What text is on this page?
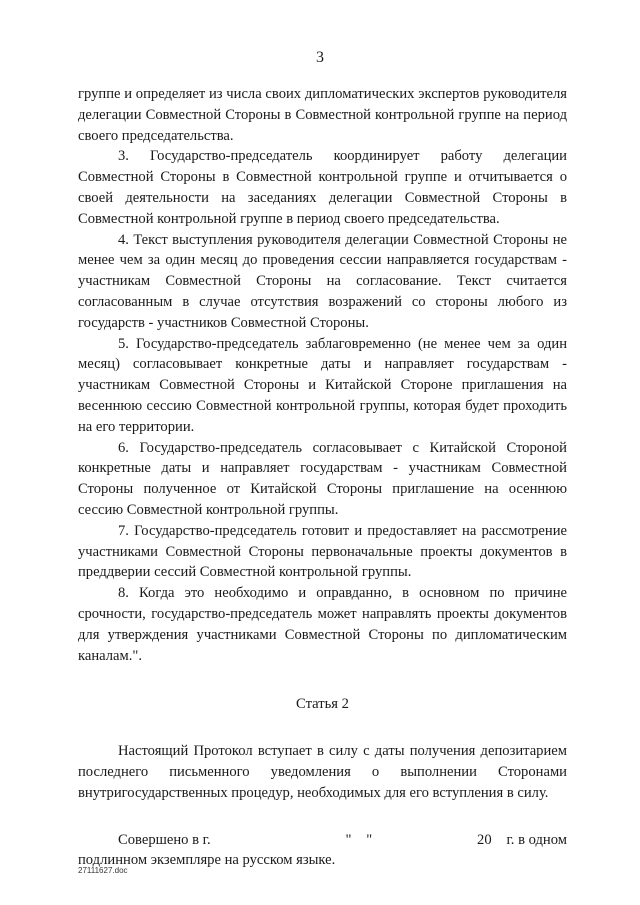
3

группе и определяет из числа своих дипломатических экспертов руководителя делегации Совместной Стороны в Совместной контрольной группе на период своего председательства.

3. Государство-председатель координирует работу делегации Совместной Стороны в Совместной контрольной группе и отчитывается о своей деятельности на заседаниях делегации Совместной Стороны в Совместной контрольной группе в период своего председательства.

4. Текст выступления руководителя делегации Совместной Стороны не менее чем за один месяц до проведения сессии направляется государствам - участникам Совместной Стороны на согласование. Текст считается согласованным в случае отсутствия возражений со стороны любого из государств - участников Совместной Стороны.

5. Государство-председатель заблаговременно (не менее чем за один месяц) согласовывает конкретные даты и направляет государствам - участникам Совместной Стороны и Китайской Стороне приглашения на весеннюю сессию Совместной контрольной группы, которая будет проходить на его территории.

6. Государство-председатель согласовывает с Китайской Стороной конкретные даты и направляет государствам - участникам Совместной Стороны полученное от Китайской Стороны приглашение на осеннюю сессию Совместной контрольной группы.

7. Государство-председатель готовит и предоставляет на рассмотрение участниками Совместной Стороны первоначальные проекты документов в преддверии сессий Совместной контрольной группы.

8. Когда это необходимо и оправданно, в основном по причине срочности, государство-председатель может направлять проекты документов для утверждения участниками Совместной Стороны по дипломатическим каналам.".

Статья 2

Настоящий Протокол вступает в силу с даты получения депозитарием последнего письменного уведомления о выполнении Сторонами внутригосударственных процедур, необходимых для его вступления в силу.

Совершено в г.	" "	20 г. в одном

подлинном экземпляре на русском языке.

27111627.doc
